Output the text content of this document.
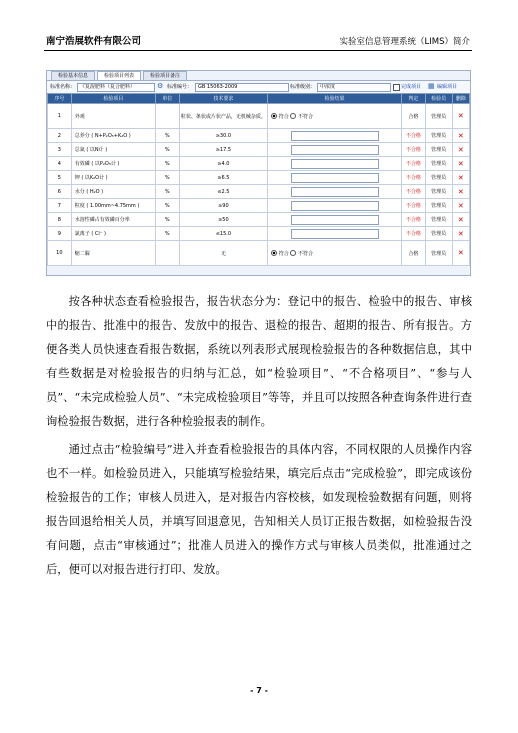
南宁浩展软件有限公司	实验室信息管理系统（LIMS）简介
检验基本信息	检验项目列表	检验项目备注
标准名称： 《复混肥料（复合肥料）	⚙ 标准编号：	GB 15063-2009	标准级别： 中浓度	完成项目 ▦ 编辑项目
序号	检验项目	单位	技术要求	检验结果	判定	检验员	删除
1	外观		粒状、条状或片状产品，无机械杂质。	符合 不符合	合格	管理员	✕
2	总养分 ( N+P₂O₅+K₂O )	%	≥30.0		不合格	管理员	✕
3	总氮 ( 以N计 )	%	≥17.5		不合格	管理员	✕
4	有效磷 ( 以P₂O₅计 )	%	≥4.0		不合格	管理员	✕
5	钾 ( 以K₂O计 )	%	≥6.5		不合格	管理员	✕
6	水分 ( H₂O )	%	≤2.5		不合格	管理员	✕
7	粒度 ( 1.00mm~4.75mm )	%	≥90		不合格	管理员	✕
8	水溶性磷占有效磷百分率	%	≥50		不合格	管理员	✕
9	氯离子 ( Cl⁻ )	%	≤15.0		不合格	管理员	✕
10	缩二脲		无	符合 不符合	合格	管理员	✕

按各种状态查看检验报告，报告状态分为：登记中的报告、检验中的报告、审核中的报告、批准中的报告、发放中的报告、退检的报告、超期的报告、所有报告。方便各类人员快速查看报告数据，系统以列表形式展现检验报告的各种数据信息，其中有些数据是对检验报告的归纳与汇总，如“检验项目”、“不合格项目”、“参与人员”、“未完成检验人员”、“未完成检验项目”等等，并且可以按照各种查询条件进行查询检验报告数据，进行各种检验报表的制作。

通过点击“检验编号”进入并查看检验报告的具体内容，不同权限的人员操作内容也不一样。如检验员进入，只能填写检验结果，填完后点击“完成检验”，即完成该份检验报告的工作；审核人员进入，是对报告内容校核，如发现检验数据有问题，则将报告回退给相关人员，并填写回退意见，告知相关人员订正报告数据，如检验报告没有问题，点击“审核通过”；批准人员进入的操作方式与审核人员类似，批准通过之后，便可以对报告进行打印、发放。

- 7 -
